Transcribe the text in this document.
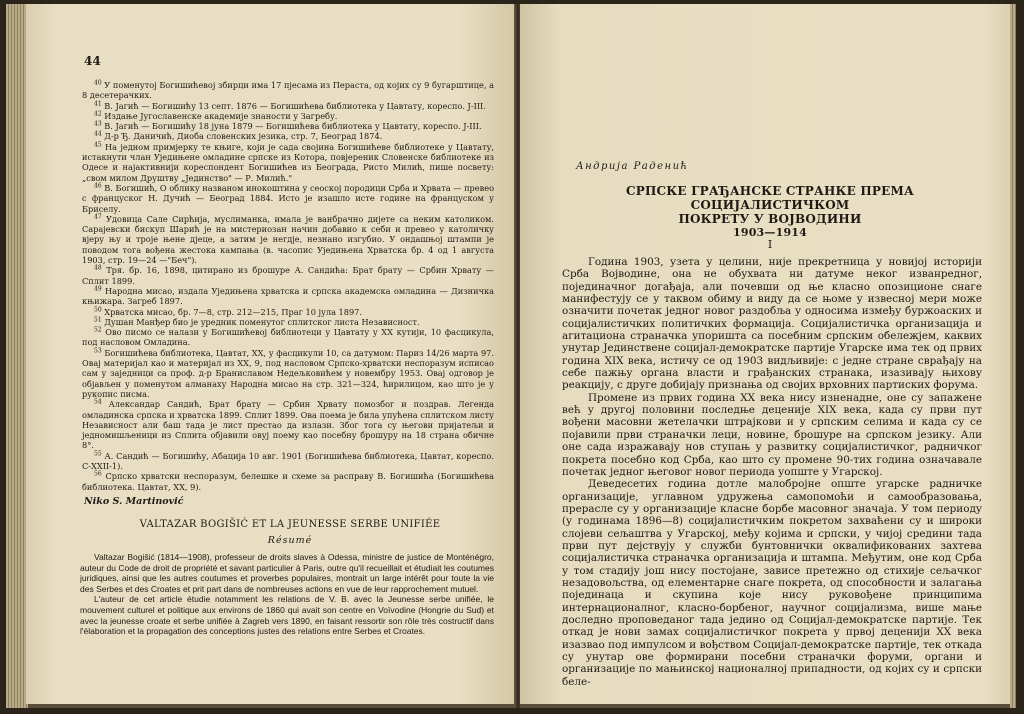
44

$^{40}$ У поменутој Богишићевој збирци има 17 пјесама из Пераста, од којих су 9 бугарштице, а 8 десетерачких.

$^{41}$ В. Јагић — Богишићу 13 септ. 1876 — Богишићева библиотека у Цавтату, кореспо. J-III.

$^{42}$ Издање Југославенске академије знаности у Загребу.

$^{43}$ В. Јагић — Богишићу 18 јуна 1879 — Богишићева библиотека у Цавтату, кореспо. J-III.

$^{44}$ Д-р Ђ. Даничић, Диоба словенских језика, стр. 7, Београд 1874.

$^{45}$ На једном примјерку те књиге, који је сада својина Богишићеве библиотеке у Цавтату, истакнути члан Уједињене омладине српске из Котора, повјереник Словенске библиотеке из Одесе и најактивнији кореспондент Богишићев из Београда, Ристо Милић, пише посвету: „свом милом Друштву „Јединство" — Р. Милић."

$^{46}$ В. Богишић, О облику названом инокоштина у сеоској породици Срба и Хрвата — превео с француског Н. Дучић — Београд 1884. Исто је изашло исте године на француском у Бриселу.

$^{47}$ Удовица Сале Сирћија, муслиманка, имала је ванбрачно дијете са неким католиком. Сарајевски бискуп Шарић је на мистериозан начин добавио к себи и превео у католичку вјеру њу и троје њене дјеце, а затим је негдје, незнано изгубио. У ондашњој штампи је поводом тога вођена жестока кампања (в. часопис Уједињена Хрватска бр. 4 од 1 августа 1903, стр. 19—24 —"Беч").

$^{48}$ Тря. бр. 16, 1898, цитирано из брошуре А. Сандића: Брат брату — Србин Хрвату — Сплит 1899.

$^{49}$ Народна мисао, издала Уједињена хрватска и српска академска омладина — Дизничка књижара. Загреб 1897.

$^{50}$ Хрватска мисао, бр. 7—8, стр. 212—215, Праг 10 јула 1897.

$^{51}$ Душан Манђер био је уредник поменутог сплитског листа Независност.

$^{52}$ Ово писмо се налази у Богишићевој библиотеци у Цавтату у XX кутији, 10 фасцикула, под насловом Омладина.

$^{53}$ Богишићева библиотека, Цавтат, XX, у фасцикули 10, са датумом: Париз 14/26 марта 97. Овај материјал као и материјал из XX, 9, под насловом Српско-хрватски неспоразум исписао сам у заједници са проф. д-р Браниславом Недељковићем у новембру 1953. Овај одговор је објављен у поменутом алманаху Народна мисао на стр. 321—324, ћирилицом, као што је у рукопис писма.

$^{54}$ Александар Сандић, Брат брату — Србин Хрвату помозбог и поздрав. Легенда омладинска српска и хрватска 1899. Сплит 1899. Ова поема је била упућена сплитском листу Независност али баш тада је лист престао да излази. Због тога су његови пријатељи и једномишљеници из Сплита објавили овуј поему као посебну брошуру на 18 страна обичне 8°.

$^{55}$ А. Сандић — Богишићу, Абација 10 авг. 1901 (Богишићева библиотека, Цавтат, кореспо. С-XXII-1).

$^{56}$ Српско хрватски неспоразум, белешке и схеме за расправу В. Богишића (Богишићева библиотека. Цавтат, XX, 9).

Niko S. Martinović
VALTAZAR BOGIŠIĆ ET LA JEUNESSE SERBE UNIFIÉE
Résumé

Valtazar Bogišić (1814—1908), professeur de droits slaves à Odessa, ministre de justice de Monténégro, auteur du Code de droit de propriété et savant particulier à Paris, outre qu'il recueillait et étudiait les coutumes juridiques, ainsi que les autres coutumes et proverbes populaires, montrait un large intérêt pour toute la vie des Serbes et des Croates et prit part dans de nombreuses actions en vue de leur rapprochement mutuel.

L'auteur de cet article étudie notamment les relations de V. B. avec la Jeunesse serbe unifiée, le mouvement culturel et politique aux environs de 1860 qui avait son centre en Voïvodine (Hongrie du Sud) et avec la jeunesse croate et serbe unifiée à Zagreb vers 1890, en faisant ressortir son rôle très costructif dans l'élaboration et la propagation des conceptions justes des relations entre Serbes et Croates.

Андрија Раденић
СРПСКЕ ГРАЂАНСКЕ СТРАНКЕ ПРЕМА СОЦИЈАЛИСТИЧКОМ
ПОКРЕТУ У ВОЈВОДИНИ
1903—1914
I

Година 1903, узета у целини, није прекретница у новијој историји Срба Војводине, она не обухвата ни датуме неког изванредног, појединачног догађаја, али почевши од ње класно опозиционе снаге манифестују се у таквом обиму и виду да се њоме у извесној мери може означити почетак једног новог раздобља у односима између буржоаских и социјалистичких политичких формација. Социјалистичка организација и агитациона страначка упоришта са посебним српским обележјем, каквих унутар Јединствене социјал-демократске партије Угарске има тек од првих година XIX века, истичу се од 1903 видљивије: с једне стране сврађају на себе пажњу органа власти и грађанских странака, изазивају њихову реакцију, с друге добијају признања од својих врховних партиских форума.

Промене из првих година XX века нису изненадне, оне су запажене већ у другој половини последње деценије XIX века, када су први пут вођени масовни жетелачки штрајкови и у српским селима и када су се појавили први страначки леци, новине, брошуре на српском језику. Али оне сада изражавају нов ступањ у развитку социјалистичког, радничког покрета посебно код Срба, као што су промене 90-тих година означавале почетак једног његовог новог периода уопште у Угарској.

Деведесетих година дотле малобројне опште угарске радничке организације, углавном удружења самопомоћи и самообразовања, прерасле су у организације класне борбе масовног значаја. У том периоду (у годинама 1896—8) социјалистичким покретом захваћени су и широки слојеви сељаштва у Угарској, међу којима и српски, у чијој средини тада први пут дејствују у служби бунтовнички оквалификованих захтева социјалистичка страначка организација и штампа. Међутим, оне код Срба у том стадију још нису постојане, зависе претежно од стихије сељачког незадовољства, од елементарне снаге покрета, од способности и залагања појединаца и скупина које нису руковођене принципима интернационалног, класно-борбеног, научног социјализма, више мање доследно проповеданог тада једино од Социјал-демократске партије. Тек откад је нови замах социјалистичког покрета у првој деценији XX века изазвао под импулсом и вођством Социјал-демократске партије, тек откада су унутар ове формирани посебни страначки форуми, органи и организације по мањинској националној припадности, од којих су и српски беле-
